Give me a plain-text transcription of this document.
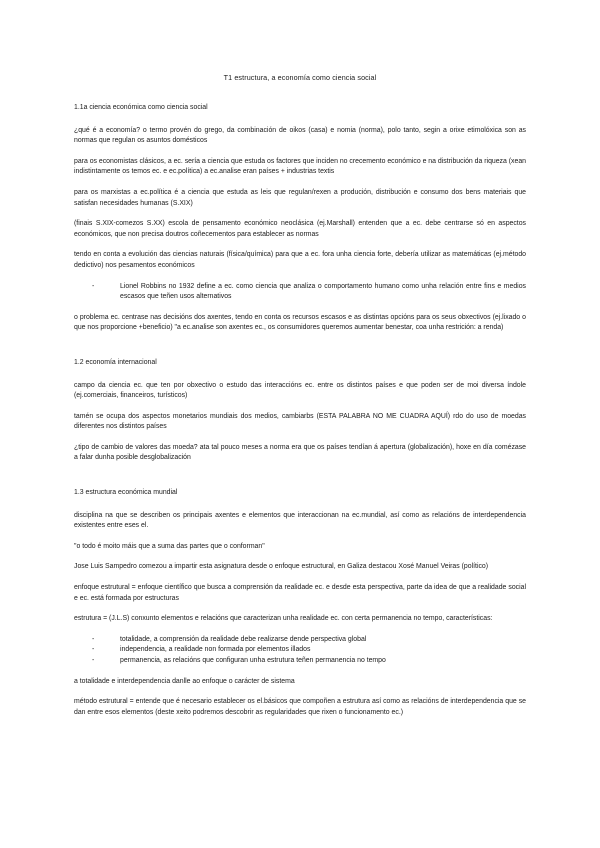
T1 estructura, a economía como ciencia social

1.1a ciencia económica como ciencia social

¿qué é a economía? o termo provén do grego, da combinación de oikos (casa) e nomia (norma), polo tanto, segin a orixe etimolóxica son as normas que regulan os asuntos domésticos

para os economistas clásicos, a ec. sería a ciencia que estuda os factores que inciden no crecemento económico e na distribución da riqueza (xean indistintamente os temos ec. e ec.política) a ec.analise eran países + industrias textis

para os marxistas a ec.política é a ciencia que estuda as leis que regulan/rexen a produción, distribución e consumo dos bens materiais que satisfan necesidades humanas (S.XIX)

(finais S.XIX-comezos S.XX) escola de pensamento económico neoclásica (ej.Marshall) entenden que a ec. debe centrarse só en aspectos económicos, que non precisa doutros coñecementos para establecer as normas

tendo en conta a evolución das ciencias naturais (física/química) para que a ec. fora unha ciencia forte, debería utilizar as matemáticas (ej.método dedictivo) nos pesamentos económicos

- Lionel Robbins no 1932 define a ec. como ciencia que analiza o comportamento humano como unha relación entre fins e medios escasos que teñen usos alternativos

o problema ec. centrase nas decisións dos axentes, tendo en conta os recursos escasos e as distintas opcións para os seus obxectivos (ej.lixado o que nos proporcione +beneficio) "a ec.analise son axentes ec., os consumidores queremos aumentar benestar, coa unha restrición: a renda)

1.2 economía internacional

campo da ciencia ec. que ten por obxectivo o estudo das interaccións ec. entre os distintos países e que poden ser de moi diversa índole (ej.comerciais, financeiros, turísticos)

tamén se ocupa dos aspectos monetarios mundiais dos medios, cambiarbs (ESTA PALABRA NO ME CUADRA AQUÍ) rdo do uso de moedas diferentes nos distintos países

¿tipo de cambio de valores das moeda? ata tal pouco meses a norma era que os países tendían á apertura (globalización), hoxe en día comézase a falar dunha posible desglobalización

1.3 estructura económica mundial

disciplina na que se describen os principais axentes e elementos que interaccionan na ec.mundial, así como as relacións de interdependencia existentes entre eses el.

"o todo é moito máis que a suma das partes que o conforman"

Jose Luis Sampedro comezou a impartir esta asignatura desde o enfoque estructural, en Galiza destacou Xosé Manuel Veiras (político)

enfoque estrutural = enfoque científico que busca a comprensión da realidade ec. e desde esta perspectiva, parte da idea de que a realidade social e ec. está formada por estructuras

estrutura = (J.L.S) conxunto elementos e relacións que caracterizan unha realidade ec. con certa permanencia no tempo, características:

- totalidade, a comprensión da realidade debe realizarse dende perspectiva global
- independencia, a realidade non formada por elementos illados
- permanencia, as relacións que configuran unha estrutura teñen permanencia no tempo

a totalidade e interdependencia danlle ao enfoque o carácter de sistema

método estrutural = entende que é necesario establecer os el.básicos que compoñen a estrutura así como as relacións de interdependencia que se dan entre esos elementos (deste xeito podremos descobrir as regularidades que rixen o funcionamento ec.)
